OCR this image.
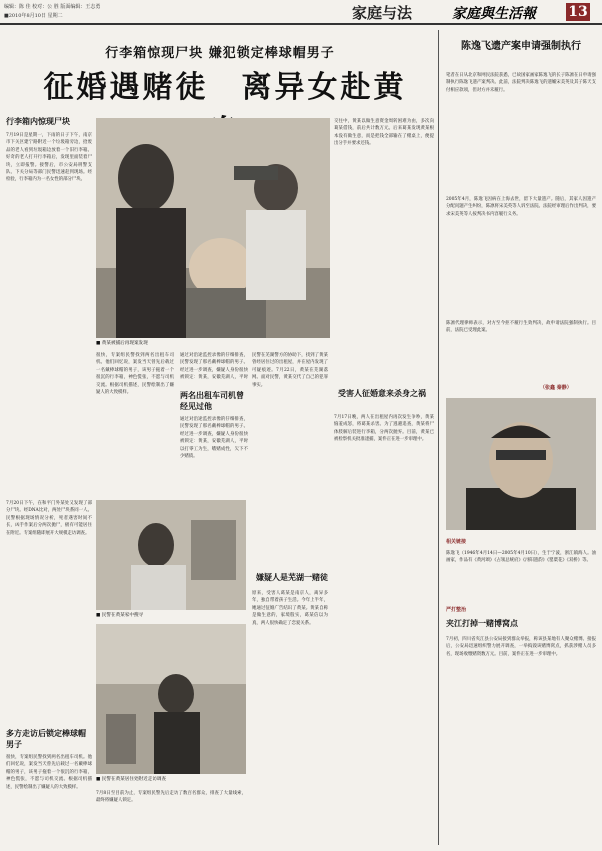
编辑：陈 佳 校对：公 胜 版面编辑：王志勇
■2010年8月10日 星期二	家庭与法	家庭與生活報 13
行李箱惊现尸块 嫌犯锁定棒球帽男子
征婚遇赌徒　离异女赴黄
行李箱内惊现尸块
7月19日是星期一，下雨的日子下午，南京市下关区建宁路附近一个垃圾箱旁边，拾废品的老人看到垃圾箱边放着一个旧行李箱。好奇的老人打开行李箱后，发现里面装着尸块，立即报警。接警后，市公安局刑警支队、下关分局等部门民警迅速赶到现场。经检验，行李箱内为一名女性的部分尸块。
7月20日下午，在和平门外某处又发现了部分尸块。经DNA比对，两处尸块系同一人。民警根据现场情况分析，死者遇害时间不长，凶手作案后分两次抛尸，极有可能居住在附近。专案组随即展开大规模走访调查。
多方走访后锁定棒球帽男子
很快，专案组民警找到两名出租车司机。他们回忆说，案发当天曾先后载过一名戴棒球帽的男子，该男子拖着一个很沉的行李箱，神色慌张，不愿与司机交流。根据司机描述，民警绘制出了嫌疑人的大致模样。
■ 黄某被捕后再现案发现
很快，专案组民警找到两名出租车司机。他们回忆说，案发当天曾先后载过一名戴棒球帽的男子，该男子拖着一个很沉的行李箱，神色慌张，不愿与司机交流。根据司机描述，民警绘制出了嫌疑人的大致模样。
通过对沿途监控录像的仔细排查，民警发现了那名戴棒球帽的男子。经过进一步调查，嫌疑人身份很快被锁定：黄某，安徽芜湖人，平时
两名出租车司机曾经见过他
通过对沿途监控录像的仔细排查，民警发现了那名戴棒球帽的男子。经过进一步调查，嫌疑人身份很快被锁定：黄某，安徽芜湖人，平时以打零工为生，嗜赌成性，欠下不少赌债。
■ 民警在黄某家中搜寻
■ 民警在黄某居住处附近走访调查
7月8日至目前为止，专案组民警先后走访了数百名群众，排查了大量线索，最终将嫌疑人锁定。
民警在芜湖警方的协助下，找到了黄某曾经居住过的出租屋，并在屋内发现了可疑痕迹。7月22日，黄某在芜湖落网。面对民警，黄某交代了自己的犯罪事实。
嫌疑人是芜湖一赌徒
原来，受害人葛某是南京人，离异多年，独自带着孩子生活。今年上半年，她通过征婚广告结识了黄某。黄某自称是做生意的，家境殷实，葛某信以为真，两人很快确定了恋爱关系。
交往中，黄某以做生意资金周转困难为由，多次向葛某借钱，前后共计数万元。后来葛某发现黄某根本没有做生意，而是把钱全部输在了赌桌上，便提出分手并要求还钱。
受害人征婚意来杀身之祸
7月17日晚，两人在出租屋内再次发生争吵，黄某恼羞成怒，将葛某杀害。为了逃避追查，黄某将尸体肢解后装进行李箱，分两次抛弃。目前，黄某已被检察机关批准逮捕，案件正在进一步审理中。
陈逸飞遗产案申请强制执行
笔者在日从北京和网民法院获悉，已故国家画家陈逸飞的长子陈凛在日申请强制执行陈逸飞遗产案判决。此前，法院判决陈逸飞的遗孀宋美英及其子陈天支付相应款项，但对方并未履行。
2005年4月，陈逸飞因病在上海去世，留下大量遗产。随后，其家人因遗产分配问题产生纠纷，陈凛将宋美英等人诉至法院。法院经审理后作出判决，要求宋美英等人按判决书内容履行义务。
陈凛代理律师表示，对方至今拒不履行生效判决，故申请法院强制执行。目前，法院已受理此案。
（张鑫 秦静）
相关链接
陈逸飞（1946年4月14日—2005年4月10日），生于宁波，浙江镇海人。油画家，作品有《黄河颂》《占领总统府》《浔阳遗韵》《罂粟花》《双桥》等。
严打整治
夹江打掉一赌博窝点
7月初，四川省夹江县公安局接到群众举报，称该县某地有人聚众赌博。接报后，公安局迅速组织警力展开调查，一举捣毁该赌博窝点，抓获涉赌人员多名，现场收缴赌资数万元。目前，案件正在进一步审理中。
